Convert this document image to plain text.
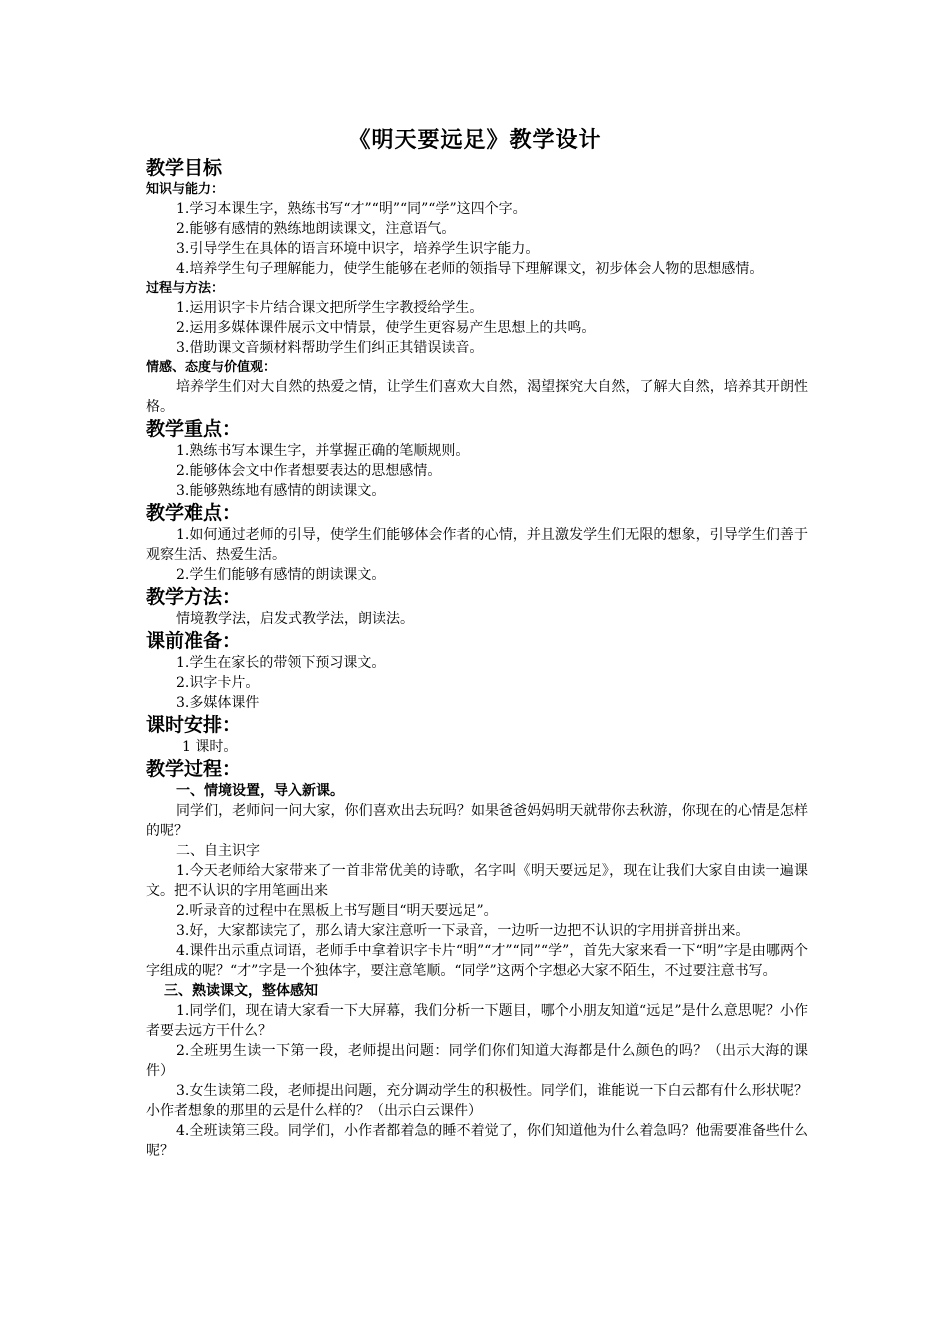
《明天要远足》教学设计
教学目标
知识与能力：

1.学习本课生字，熟练书写“才”“明”“同”“学”这四个字。

2.能够有感情的熟练地朗读课文，注意语气。

3.引导学生在具体的语言环境中识字，培养学生识字能力。

4.培养学生句子理解能力，使学生能够在老师的领指导下理解课文，初步体会人物的思想感情。

过程与方法：

1.运用识字卡片结合课文把所学生字教授给学生。

2.运用多媒体课件展示文中情景，使学生更容易产生思想上的共鸣。

3.借助课文音频材料帮助学生们纠正其错误读音。

情感、态度与价值观：

培养学生们对大自然的热爱之情，让学生们喜欢大自然，渴望探究大自然，了解大自然，培养其开朗性格。

教学重点：

1.熟练书写本课生字，并掌握正确的笔顺规则。

2.能够体会文中作者想要表达的思想感情。

3.能够熟练地有感情的朗读课文。

教学难点：

1.如何通过老师的引导，使学生们能够体会作者的心情，并且激发学生们无限的想象，引导学生们善于观察生活、热爱生活。

2.学生们能够有感情的朗读课文。

教学方法：

情境教学法，启发式教学法，朗读法。

课前准备：

1.学生在家长的带领下预习课文。

2.识字卡片。

3.多媒体课件

课时安排：

1 课时。

教学过程：
一、情境设置，导入新课。

同学们，老师问一问大家，你们喜欢出去玩吗？如果爸爸妈妈明天就带你去秋游，你现在的心情是怎样的呢？

二、自主识字

1.今天老师给大家带来了一首非常优美的诗歌，名字叫《明天要远足》，现在让我们大家自由读一遍课文。把不认识的字用笔画出来

2.听录音的过程中在黑板上书写题目“明天要远足”。

3.好，大家都读完了，那么请大家注意听一下录音，一边听一边把不认识的字用拼音拼出来。

4.课件出示重点词语，老师手中拿着识字卡片“明”“才”“同”“学”，首先大家来看一下“明”字是由哪两个字组成的呢？“才”字是一个独体字，要注意笔顺。“同学”这两个字想必大家不陌生，不过要注意书写。

三、熟读课文，整体感知

1.同学们，现在请大家看一下大屏幕，我们分析一下题目，哪个小朋友知道“远足”是什么意思呢？小作者要去远方干什么？

2.全班男生读一下第一段，老师提出问题：同学们你们知道大海都是什么颜色的吗？（出示大海的课件）

3.女生读第二段，老师提出问题，充分调动学生的积极性。同学们，谁能说一下白云都有什么形状呢？小作者想象的那里的云是什么样的？（出示白云课件）

4.全班读第三段。同学们，小作者都着急的睡不着觉了，你们知道他为什么着急吗？他需要准备些什么呢？
